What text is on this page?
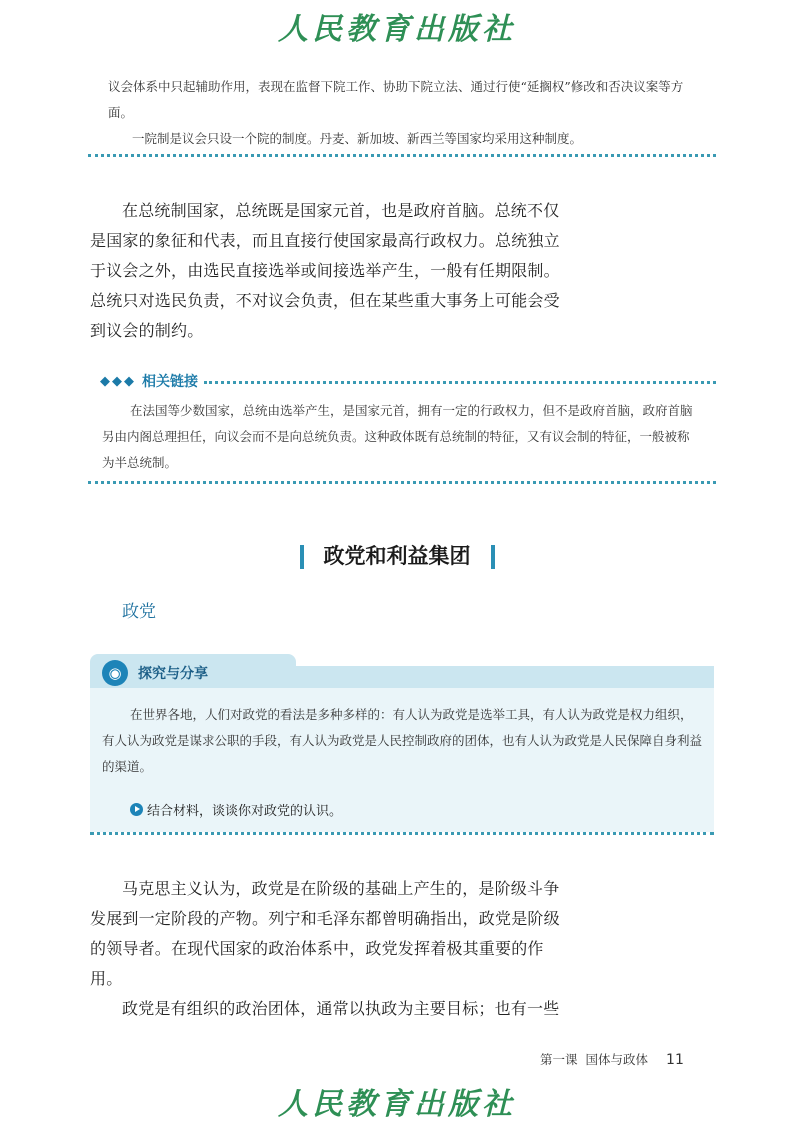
人民教育出版社

议会体系中只起辅助作用，表现在监督下院工作、协助下院立法、通过行使“延搁权”修改和否决议案等方面。

一院制是议会只设一个院的制度。丹麦、新加坡、新西兰等国家均采用这种制度。

在总统制国家，总统既是国家元首，也是政府首脑。总统不仅是国家的象征和代表，而且直接行使国家最高行政权力。总统独立于议会之外，由选民直接选举或间接选举产生，一般有任期限制。总统只对选民负责，不对议会负责，但在某些重大事务上可能会受到议会的制约。

◆◆◆ 相关链接

在法国等少数国家，总统由选举产生，是国家元首，拥有一定的行政权力，但不是政府首脑，政府首脑另由内阁总理担任，向议会而不是向总统负责。这种政体既有总统制的特征，又有议会制的特征，一般被称为半总统制。

政党和利益集团
政党
◉	探究与分享

在世界各地，人们对政党的看法是多种多样的：有人认为政党是选举工具，有人认为政党是权力组织，有人认为政党是谋求公职的手段，有人认为政党是人民控制政府的团体，也有人认为政党是人民保障自身利益的渠道。

结合材料，谈谈你对政党的认识。

马克思主义认为，政党是在阶级的基础上产生的，是阶级斗争发展到一定阶段的产物。列宁和毛泽东都曾明确指出，政党是阶级的领导者。在现代国家的政治体系中，政党发挥着极其重要的作用。

政党是有组织的政治团体，通常以执政为主要目标；也有一些

第一课 国体与政体 11
人民教育出版社
